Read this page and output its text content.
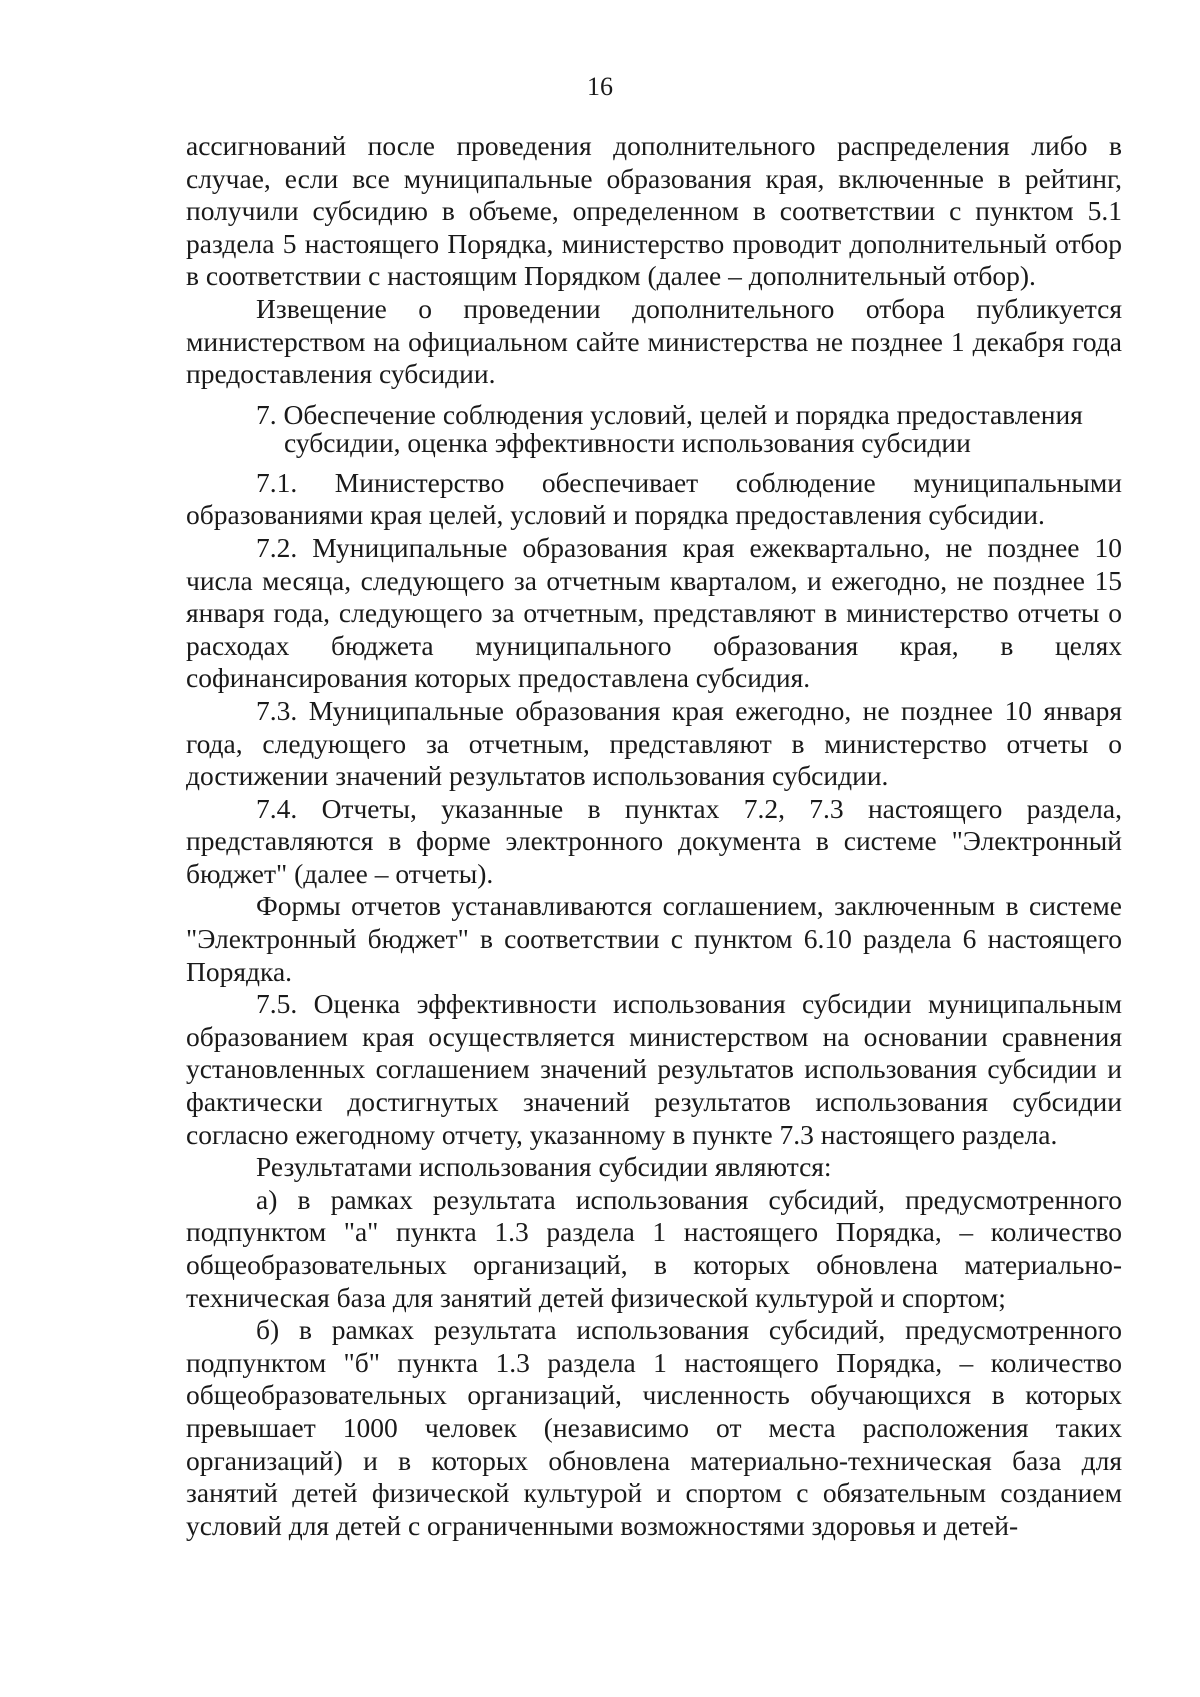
16

ассигнований после проведения дополнительного распределения либо в случае, если все муниципальные образования края, включенные в рейтинг, получили субсидию в объеме, определенном в соответствии с пунктом 5.1 раздела 5 настоящего Порядка, министерство проводит дополнительный отбор в соответствии с настоящим Порядком (далее – дополнительный отбор).

Извещение о проведении дополнительного отбора публикуется министерством на официальном сайте министерства не позднее 1 декабря года предоставления субсидии.

7. Обеспечение соблюдения условий, целей и порядка предоставления
субсидии, оценка эффективности использования субсидии

7.1. Министерство обеспечивает соблюдение муниципальными образованиями края целей, условий и порядка предоставления субсидии.

7.2. Муниципальные образования края ежеквартально, не позднее 10 числа месяца, следующего за отчетным кварталом, и ежегодно, не позднее 15 января года, следующего за отчетным, представляют в министерство отчеты о расходах бюджета муниципального образования края, в целях софинансирования которых предоставлена субсидия.

7.3. Муниципальные образования края ежегодно, не позднее 10 января года, следующего за отчетным, представляют в министерство отчеты о достижении значений результатов использования субсидии.

7.4. Отчеты, указанные в пунктах 7.2, 7.3 настоящего раздела, представляются в форме электронного документа в системе "Электронный бюджет" (далее – отчеты).

Формы отчетов устанавливаются соглашением, заключенным в системе "Электронный бюджет" в соответствии с пунктом 6.10 раздела 6 настоящего Порядка.

7.5. Оценка эффективности использования субсидии муниципальным образованием края осуществляется министерством на основании сравнения установленных соглашением значений результатов использования субсидии и фактически достигнутых значений результатов использования субсидии согласно ежегодному отчету, указанному в пункте 7.3 настоящего раздела.

Результатами использования субсидии являются:

а) в рамках результата использования субсидий, предусмотренного подпунктом "а" пункта 1.3 раздела 1 настоящего Порядка, – количество общеобразовательных организаций, в которых обновлена материально-техническая база для занятий детей физической культурой и спортом;

б) в рамках результата использования субсидий, предусмотренного подпунктом "б" пункта 1.3 раздела 1 настоящего Порядка, – количество общеобразовательных организаций, численность обучающихся в которых превышает 1000 человек (независимо от места расположения таких организаций) и в которых обновлена материально-техническая база для занятий детей физической культурой и спортом с обязательным созданием условий для детей с ограниченными возможностями здоровья и детей-
